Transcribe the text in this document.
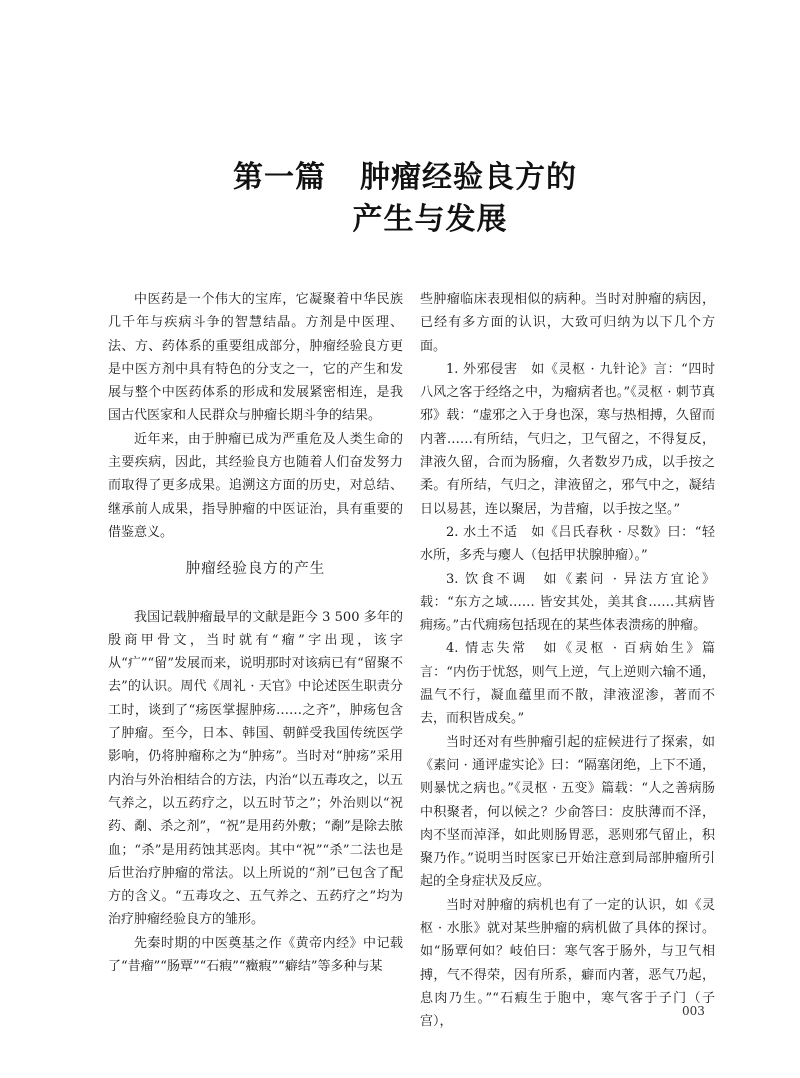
第一篇 肿瘤经验良方的
产生与发展

中医药是一个伟大的宝库，它凝聚着中华民族几千年与疾病斗争的智慧结晶。方剂是中医理、法、方、药体系的重要组成部分，肿瘤经验良方更是中医方剂中具有特色的分支之一，它的产生和发展与整个中医药体系的形成和发展紧密相连，是我国古代医家和人民群众与肿瘤长期斗争的结果。

近年来，由于肿瘤已成为严重危及人类生命的主要疾病，因此，其经验良方也随着人们奋发努力而取得了更多成果。追溯这方面的历史，对总结、继承前人成果，指导肿瘤的中医证治，具有重要的借鉴意义。

肿瘤经验良方的产生

我国记载肿瘤最早的文献是距今 3 500 多年的殷商甲骨文，当时就有“瘤”字出现，该字从“疒”“留”发展而来，说明那时对该病已有“留聚不去”的认识。周代《周礼 · 天官》中论述医生职责分工时，谈到了“疡医掌握肿疡……之齐”，肿疡包含了肿瘤。至今，日本、韩国、朝鲜受我国传统医学影响，仍将肿瘤称之为“肿疡”。当时对“肿疡”采用内治与外治相结合的方法，内治“以五毒攻之，以五气养之，以五药疗之，以五时节之”；外治则以“祝药、劀、杀之剂”，“祝”是用药外敷；“劀”是除去脓血；“杀”是用药蚀其恶肉。其中“祝”“杀”二法也是后世治疗肿瘤的常法。以上所说的“剂”已包含了配方的含义。“五毒攻之、五气养之、五药疗之”均为治疗肿瘤经验良方的雏形。

先秦时期的中医奠基之作《黄帝内经》中记载了“昔瘤”“肠覃”“石瘕”“癥瘕”“癖结”等多种与某

些肿瘤临床表现相似的病种。当时对肿瘤的病因，已经有多方面的认识，大致可归纳为以下几个方面。

1. 外邪侵害　如《灵枢 · 九针论》言：“四时八风之客于经络之中，为瘤病者也。”《灵枢 · 刺节真邪》载：“虚邪之入于身也深，寒与热相搏，久留而内著……有所结，气归之，卫气留之，不得复反，津液久留，合而为肠瘤，久者数岁乃成，以手按之柔。有所结，气归之，津液留之，邪气中之，凝结日以易甚，连以聚居，为昔瘤，以手按之坚。”

2. 水土不适　如《吕氏春秋 · 尽数》曰：“轻水所，多秃与瘿人（包括甲状腺肿瘤）。”

3. 饮食不调　如《素问 · 异法方宜论》载：“东方之域…… 皆安其处，美其食……其病皆痈疡。”古代痈疡包括现在的某些体表溃疡的肿瘤。

4. 情志失常　如《灵枢 · 百病始生》篇言：“内伤于忧怒，则气上逆，气上逆则六输不通，温气不行，凝血蕴里而不散，津液涩渗，著而不去，而积皆成矣。”

当时还对有些肿瘤引起的症候进行了探索，如《素问 · 通评虚实论》曰：“隔塞闭绝，上下不通，则暴忧之病也。”《灵枢 · 五变》篇载：“人之善病肠中积聚者，何以候之？少俞答曰：皮肤薄而不泽，肉不坚而淖泽，如此则肠胃恶，恶则邪气留止，积聚乃作。”说明当时医家已开始注意到局部肿瘤所引起的全身症状及反应。

当时对肿瘤的病机也有了一定的认识，如《灵枢 · 水胀》就对某些肿瘤的病机做了具体的探讨。如“肠覃何如？岐伯曰：寒气客于肠外，与卫气相搏，气不得荣，因有所系，癖而内著，恶气乃起，息肉乃生。”“石瘕生于胞中，寒气客于子门（子宫），

003
